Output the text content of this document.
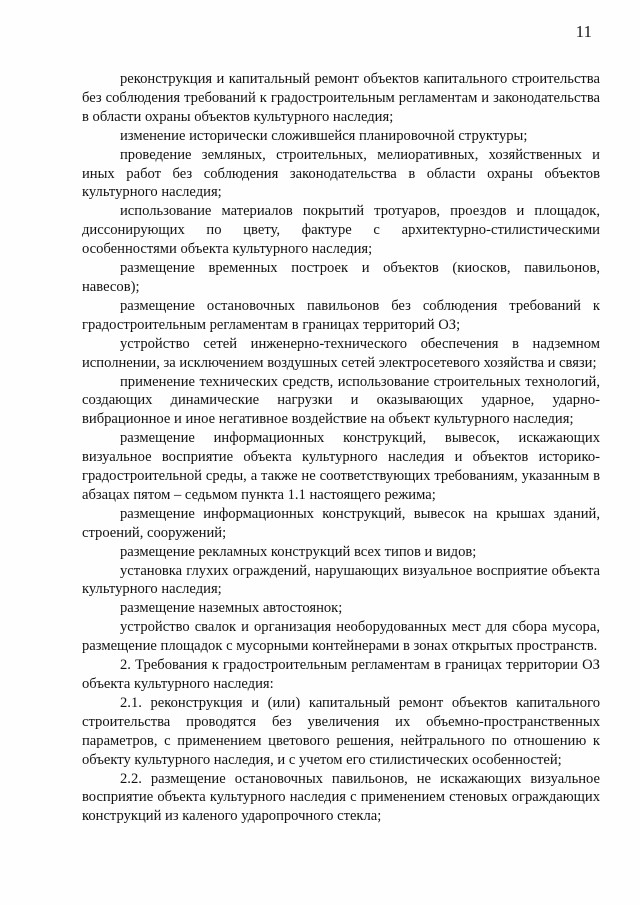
11

реконструкция и капитальный ремонт объектов капитального строительства без соблюдения требований к градостроительным регламентам и законодательства в области охраны объектов культурного наследия;

изменение исторически сложившейся планировочной структуры;

проведение земляных, строительных, мелиоративных, хозяйственных и иных работ без соблюдения законодательства в области охраны объектов культурного наследия;

использование материалов покрытий тротуаров, проездов и площадок, диссонирующих по цвету, фактуре с архитектурно-стилистическими особенностями объекта культурного наследия;

размещение временных построек и объектов (киосков, павильонов, навесов);

размещение остановочных павильонов без соблюдения требований к градостроительным регламентам в границах территорий ОЗ;

устройство сетей инженерно-технического обеспечения в надземном исполнении, за исключением воздушных сетей электросетевого хозяйства и связи;

применение технических средств, использование строительных технологий, создающих динамические нагрузки и оказывающих ударное, ударно-вибрационное и иное негативное воздействие на объект культурного наследия;

размещение информационных конструкций, вывесок, искажающих визуальное восприятие объекта культурного наследия и объектов историко-градостроительной среды, а также не соответствующих требованиям, указанным в абзацах пятом – седьмом пункта 1.1 настоящего режима;

размещение информационных конструкций, вывесок на крышах зданий, строений, сооружений;

размещение рекламных конструкций всех типов и видов;

установка глухих ограждений, нарушающих визуальное восприятие объекта культурного наследия;

размещение наземных автостоянок;

устройство свалок и организация необорудованных мест для сбора мусора, размещение площадок с мусорными контейнерами в зонах открытых пространств.

2. Требования к градостроительным регламентам в границах территории ОЗ объекта культурного наследия:

2.1. реконструкция и (или) капитальный ремонт объектов капитального строительства проводятся без увеличения их объемно-пространственных параметров, с применением цветового решения, нейтрального по отношению к объекту культурного наследия, и с учетом его стилистических особенностей;

2.2. размещение остановочных павильонов, не искажающих визуальное восприятие объекта культурного наследия с применением стеновых ограждающих конструкций из каленого ударопрочного стекла;
